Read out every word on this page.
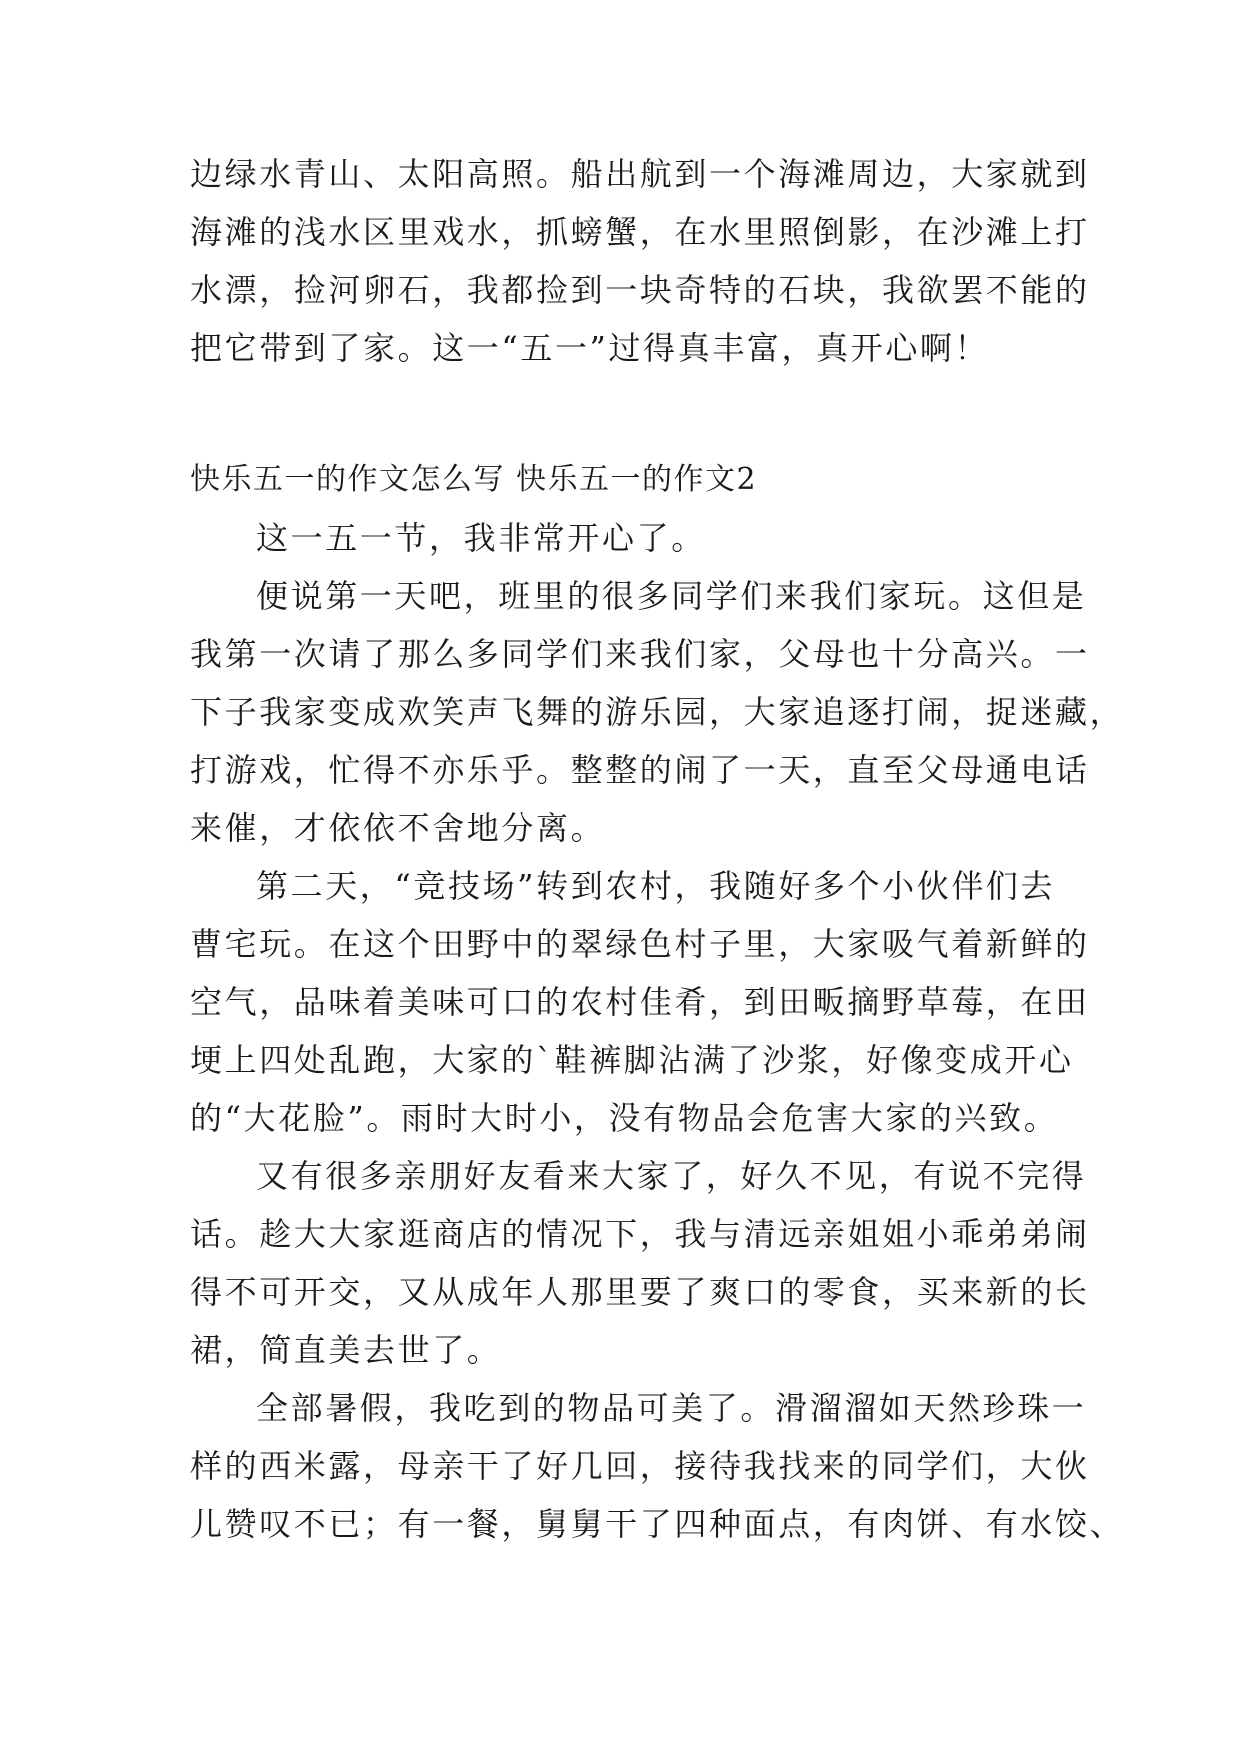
边绿水青山、太阳高照。船出航到一个海滩周边，大家就到
海滩的浅水区里戏水，抓螃蟹，在水里照倒影，在沙滩上打
水漂，捡河卵石，我都捡到一块奇特的石块，我欲罢不能的
把它带到了家。这一“五一”过得真丰富，真开心啊！
快乐五一的作文怎么写 快乐五一的作文2
这一五一节，我非常开心了。
便说第一天吧，班里的很多同学们来我们家玩。这但是
我第一次请了那么多同学们来我们家，父母也十分高兴。一
下子我家变成欢笑声飞舞的游乐园，大家追逐打闹，捉迷藏，
打游戏，忙得不亦乐乎。整整的闹了一天，直至父母通电话
来催，才依依不舍地分离。
第二天，“竞技场”转到农村，我随好多个小伙伴们去
曹宅玩。在这个田野中的翠绿色村子里，大家吸气着新鲜的
空气，品味着美味可口的农村佳肴，到田畈摘野草莓，在田
埂上四处乱跑，大家的`鞋裤脚沾满了沙浆，好像变成开心
的“大花脸”。雨时大时小，没有物品会危害大家的兴致。
又有很多亲朋好友看来大家了，好久不见，有说不完得
话。趁大大家逛商店的情况下，我与清远亲姐姐小乖弟弟闹
得不可开交，又从成年人那里要了爽口的零食，买来新的长
裙，简直美去世了。
全部暑假，我吃到的物品可美了。滑溜溜如天然珍珠一
样的西米露，母亲干了好几回，接待我找来的同学们，大伙
儿赞叹不已；有一餐，舅舅干了四种面点，有肉饼、有水饺、
